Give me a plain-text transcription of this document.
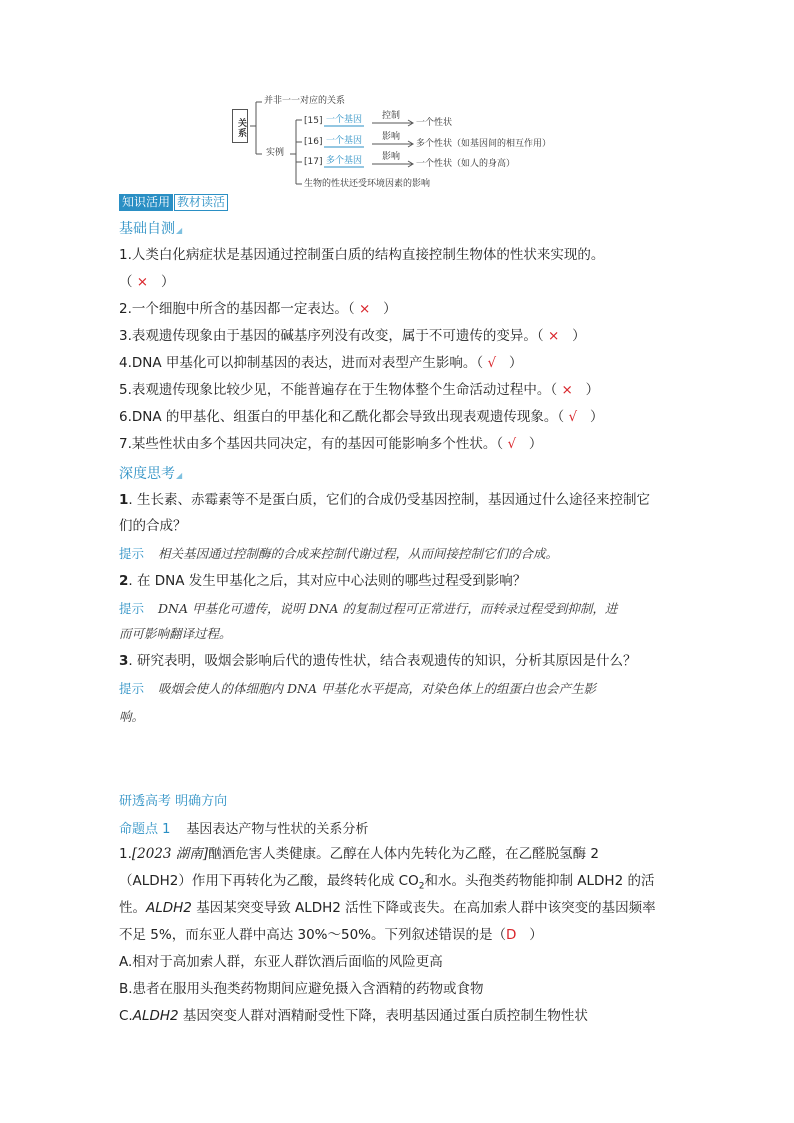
关系
并非一一对应的关系
实例
[15] 一个基因 控制
一个性状
[16] 一个基因 影响
多个性状（如基因间的相互作用）
[17] 多个基因 影响
一个性状（如人的身高）
生物的性状还受环境因素的影响
知识活用 教材读活
基础自测◢
1.人类白化病症状是基因通过控制蛋白质的结构直接控制生物体的性状来实现的。
（ × ）
2.一个细胞中所含的基因都一定表达。（ × ）
3.表观遗传现象由于基因的碱基序列没有改变，属于不可遗传的变异。（ × ）
4.DNA 甲基化可以抑制基因的表达，进而对表型产生影响。（ √ ）
5.表观遗传现象比较少见，不能普遍存在于生物体整个生命活动过程中。（ × ）
6.DNA 的甲基化、组蛋白的甲基化和乙酰化都会导致出现表观遗传现象。（ √ ）
7.某些性状由多个基因共同决定，有的基因可能影响多个性状。（ √ ）
深度思考◢
1. 生长素、赤霉素等不是蛋白质，它们的合成仍受基因控制，基因通过什么途径来控制它
们的合成？
提示 相关基因通过控制酶的合成来控制代谢过程，从而间接控制它们的合成。
2. 在 DNA 发生甲基化之后，其对应中心法则的哪些过程受到影响？
提示 DNA 甲基化可遗传，说明 DNA 的复制过程可正常进行，而转录过程受到抑制，进
而可影响翻译过程。
3. 研究表明，吸烟会影响后代的遗传性状，结合表观遗传的知识，分析其原因是什么？
提示 吸烟会使人的体细胞内 DNA 甲基化水平提高，对染色体上的组蛋白也会产生影
响。
研透高考 明确方向
命题点 1 基因表达产物与性状的关系分析
1.[2023 湖南]酗酒危害人类健康。乙醇在人体内先转化为乙醛，在乙醛脱氢酶 2
（ALDH2）作用下再转化为乙酸，最终转化成 $CO_2$和水。头孢类药物能抑制 ALDH2 的活
性。ALDH2 基因某突变导致 ALDH2 活性下降或丧失。在高加索人群中该突变的基因频率
不足 5%，而东亚人群中高达 30%～50%。下列叙述错误的是（D ）
A.相对于高加索人群，东亚人群饮酒后面临的风险更高
B.患者在服用头孢类药物期间应避免摄入含酒精的药物或食物
C.ALDH2 基因突变人群对酒精耐受性下降，表明基因通过蛋白质控制生物性状
